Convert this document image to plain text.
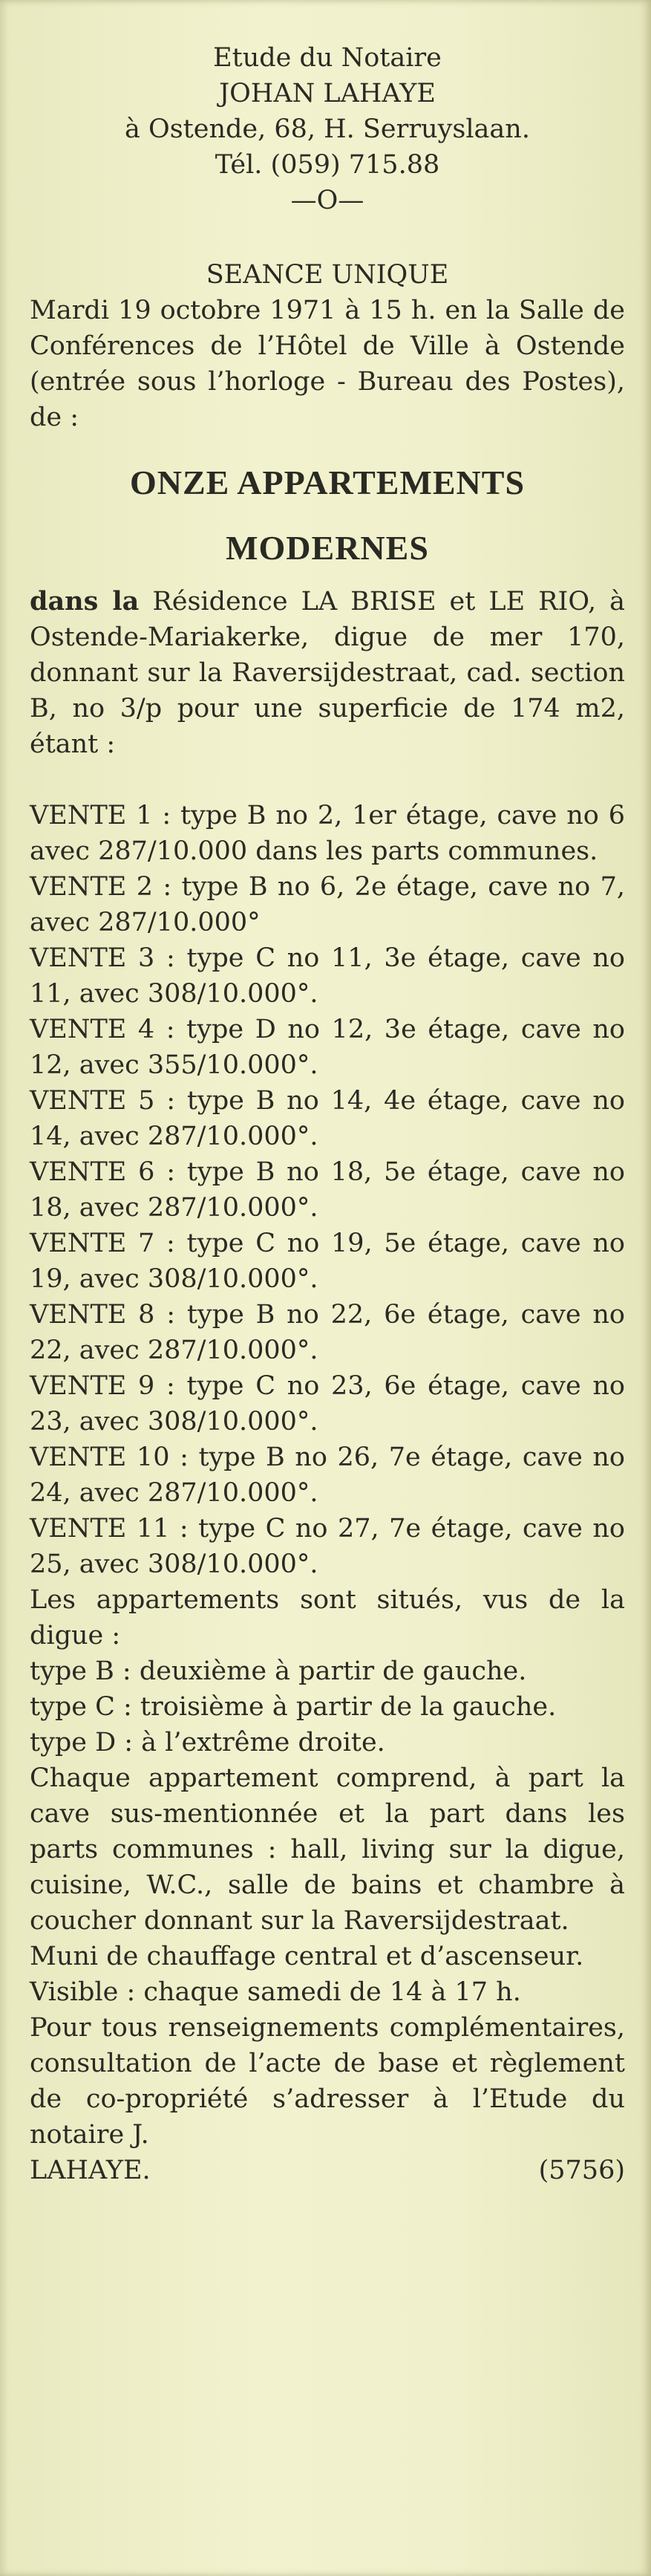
Etude du Notaire

JOHAN LAHAYE

à Ostende, 68, H. Serruyslaan.

Tél. (059) 715.88

—O—

SEANCE UNIQUE

Mardi 19 octobre 1971 à 15 h. en la Salle de Conférences de l’Hôtel de Ville à Ostende (entrée sous l’horloge - Bureau des Postes), de :

ONZE APPARTEMENTS

MODERNES

dans la Résidence LA BRISE et LE RIO, à Ostende-Mariakerke, digue de mer 170, donnant sur la Raversijdestraat, cad. section B, no 3/p pour une superficie de 174 m2, étant :

VENTE 1 : type B no 2, 1er étage, cave no 6 avec 287/10.000 dans les parts communes.

VENTE 2 : type B no 6, 2e étage, cave no 7, avec 287/10.000°

VENTE 3 : type C no 11, 3e étage, cave no 11, avec 308/10.000°.

VENTE 4 : type D no 12, 3e étage, cave no 12, avec 355/10.000°.

VENTE 5 : type B no 14, 4e étage, cave no 14, avec 287/10.000°.

VENTE 6 : type B no 18, 5e étage, cave no 18, avec 287/10.000°.

VENTE 7 : type C no 19, 5e étage, cave no 19, avec 308/10.000°.

VENTE 8 : type B no 22, 6e étage, cave no 22, avec 287/10.000°.

VENTE 9 : type C no 23, 6e étage, cave no 23, avec 308/10.000°.

VENTE 10 : type B no 26, 7e étage, cave no 24, avec 287/10.000°.

VENTE 11 : type C no 27, 7e étage, cave no 25, avec 308/10.000°.

Les appartements sont situés, vus de la digue :

type B : deuxième à partir de gauche.

type C : troisième à partir de la gauche.

type D : à l’extrême droite.

Chaque appartement comprend, à part la cave sus-mentionnée et la part dans les parts communes : hall, living sur la digue, cuisine, W.C., salle de bains et chambre à coucher donnant sur la Raversijdestraat.

Muni de chauffage central et d’ascenseur.

Visible : chaque samedi de 14 à 17 h.

Pour tous renseignements complémentaires, consultation de l’acte de base et règlement de co-propriété s’adresser à l’Etude du notaire J.

LAHAYE.	(5756)
